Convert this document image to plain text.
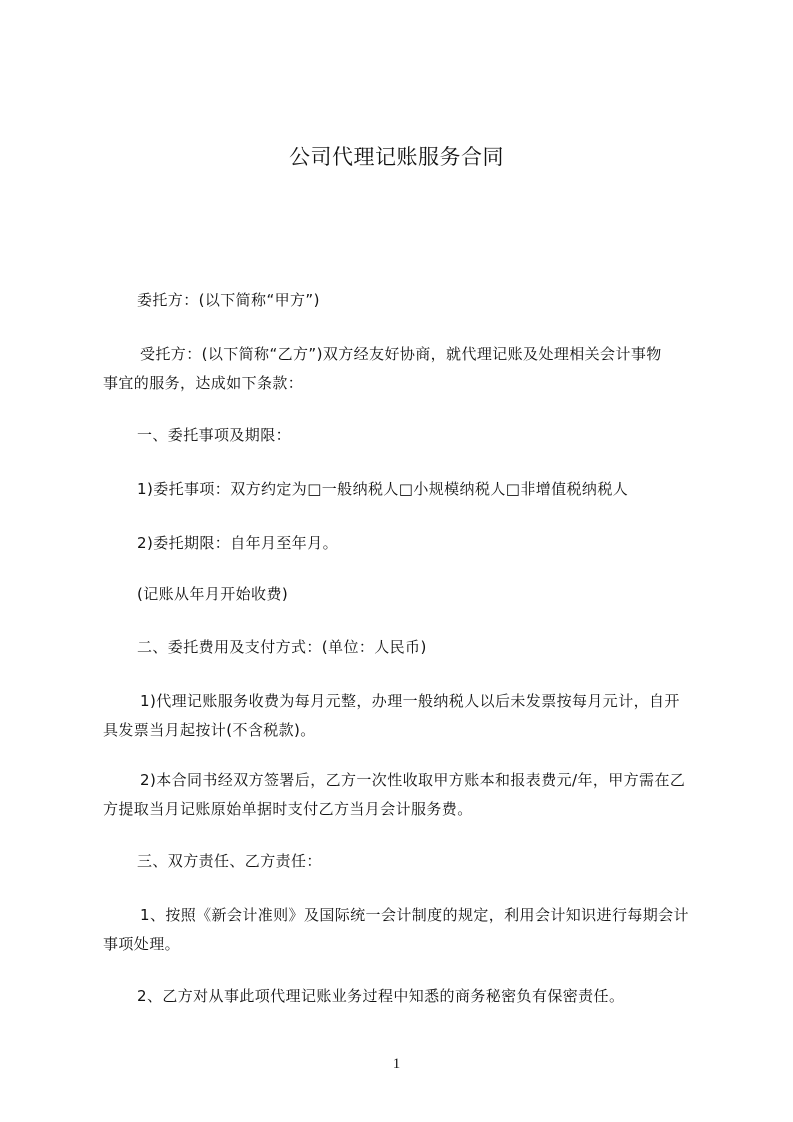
公司代理记账服务合同
委托方：(以下简称“甲方”)
受托方：(以下简称“乙方”)双方经友好协商，就代理记账及处理相关会计事物
事宜的服务，达成如下条款：
一、委托事项及期限：
1)委托事项：双方约定为□一般纳税人□小规模纳税人□非增值税纳税人
2)委托期限：自年月至年月。
(记账从年月开始收费)
二、委托费用及支付方式：(单位：人民币)
1)代理记账服务收费为每月元整，办理一般纳税人以后未发票按每月元计，自开
具发票当月起按计(不含税款)。
2)本合同书经双方签署后，乙方一次性收取甲方账本和报表费元/年，甲方需在乙
方提取当月记账原始单据时支付乙方当月会计服务费。
三、双方责任、乙方责任：
1、按照《新会计准则》及国际统一会计制度的规定，利用会计知识进行每期会计
事项处理。
2、乙方对从事此项代理记账业务过程中知悉的商务秘密负有保密责任。
1
